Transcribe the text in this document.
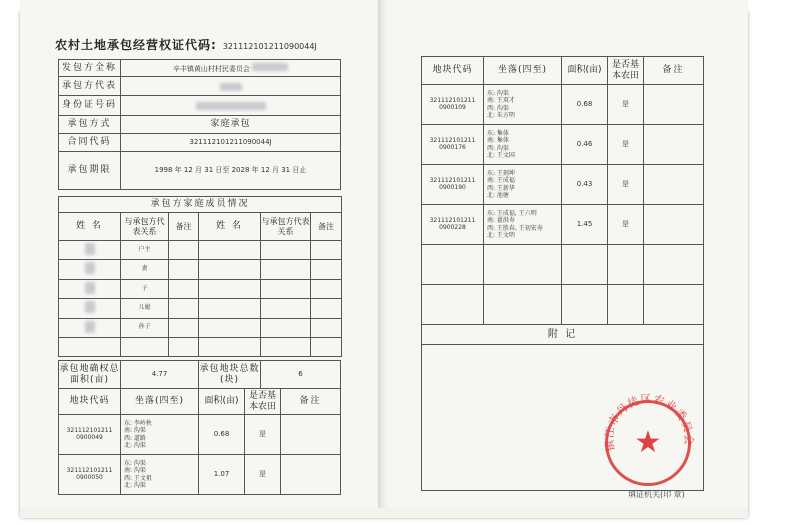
农村土地承包经营权证代码: 321112101211090044J
发包方全称	辛丰镇黄山村村民委员会
承包方代表	
身份证号码	
承包方式	家庭承包
合同代码	321112101211090044J
承包期限	1998 年 12 月 31 日至 2028 年 12 月 31 日止
承包方家庭成员情况					
姓 名	与承包方代表关系	备注	姓 名	与承包方代表关系	备注
	户主				
	妻				
	子				
	儿媳				
	孙子				

承包地确权总面积(亩)	4.77	承包地块总数(块)	6
地块代码	坐落(四至)	面积(亩)	是否基本农田	备注
321112101211 0900049	东: 李岭秋
南: 沟渠
西: 道路
北: 沟渠	0.68	是	
321112101211 0900050	东: 沟渠
南: 沟渠
西: 王文祖
北: 沟渠	1.07	是	
地块代码	坐落(四至)	面积(亩)	是否基本农田	备注
321112101211 0900109	东: 沟渠
南: 王双才
西: 沟渠
北: 朱方明	0.68	是	
321112101211 0900176	东: 集体
南: 集体
西: 沟渠
北: 王文国	0.46	是	
321112101211 0900190	东: 王刻坤
南: 王成福
西: 王新华
北: 池塘	0.43	是	
321112101211 0900228	东: 王成福, 王六明
南: 翟洪寿
西: 王胜春, 王初宏寿
北: 王文明	1.45	是	

附 记				

镇江市丹徒区农业委员会
★
填证机关(印 章)
